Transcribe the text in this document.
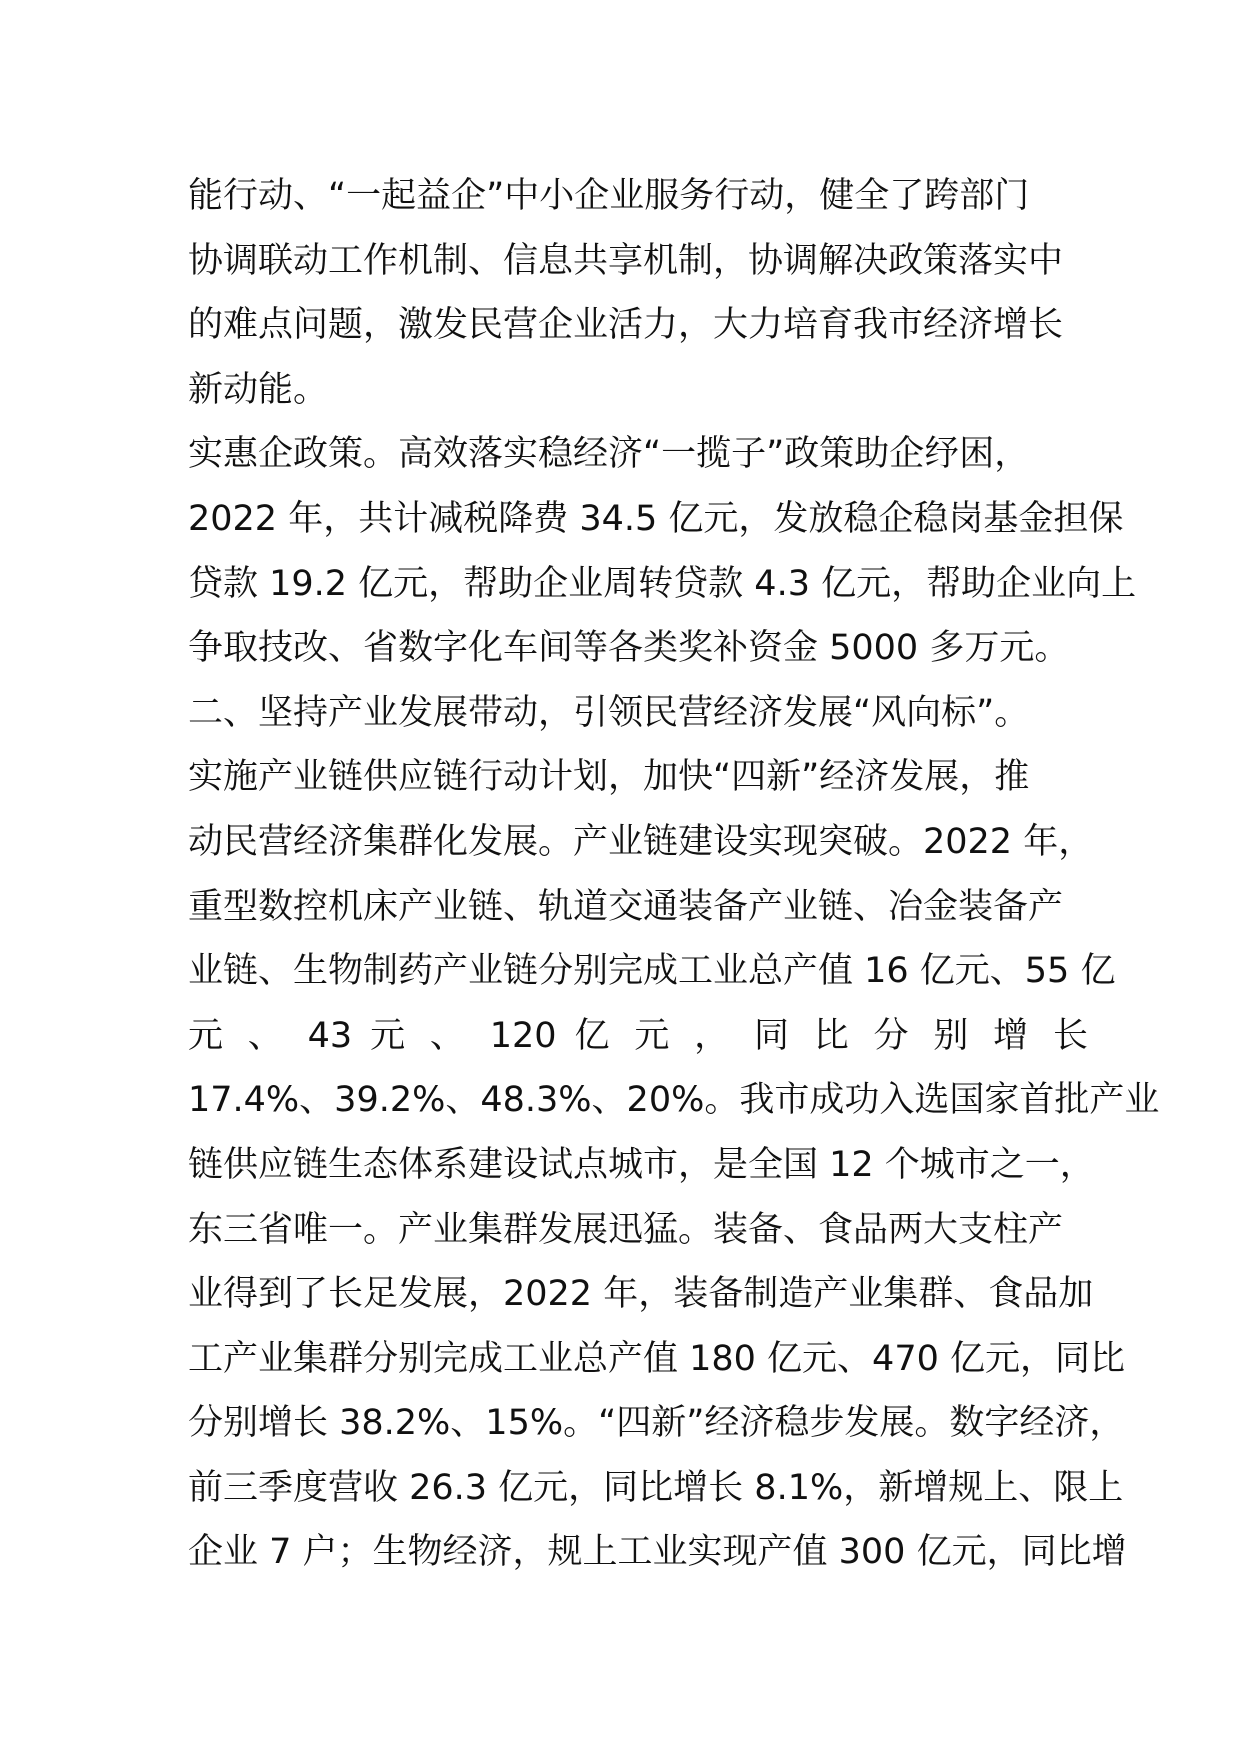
能行动、“一起益企”中小企业服务行动，健全了跨部门
协调联动工作机制、信息共享机制，协调解决政策落实中
的难点问题，激发民营企业活力，大力培育我市经济增长
新动能。
实惠企政策。高效落实稳经济“一揽子”政策助企纾困，
2022 年，共计减税降费 34.5 亿元，发放稳企稳岗基金担保
贷款 19.2 亿元，帮助企业周转贷款 4.3 亿元，帮助企业向上
争取技改、省数字化车间等各类奖补资金 5000 多万元。
二、坚持产业发展带动，引领民营经济发展“风向标”。
实施产业链供应链行动计划，加快“四新”经济发展，推
动民营经济集群化发展。产业链建设实现突破。2022 年，
重型数控机床产业链、轨道交通装备产业链、冶金装备产
业链、生物制药产业链分别完成工业总产值 16 亿元、55 亿
元 、 43 元 、 120 亿 元 ， 同 比 分 别 增 长
17.4%、39.2%、48.3%、20%。我市成功入选国家首批产业
链供应链生态体系建设试点城市，是全国 12 个城市之一，
东三省唯一。产业集群发展迅猛。装备、食品两大支柱产
业得到了长足发展，2022 年，装备制造产业集群、食品加
工产业集群分别完成工业总产值 180 亿元、470 亿元，同比
分别增长 38.2%、15%。“四新”经济稳步发展。数字经济，
前三季度营收 26.3 亿元，同比增长 8.1%，新增规上、限上
企业 7 户；生物经济，规上工业实现产值 300 亿元，同比增
